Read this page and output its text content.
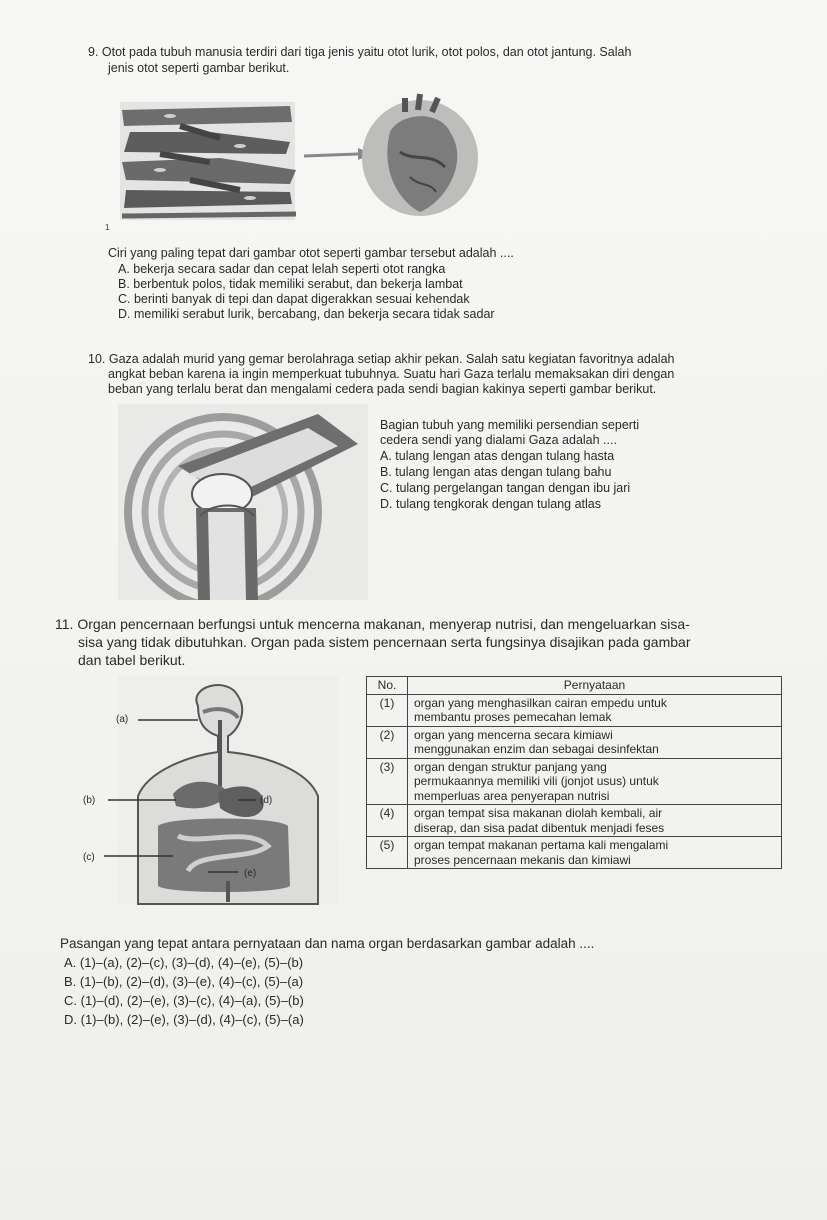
9. Otot pada tubuh manusia terdiri dari tiga jenis yaitu otot lurik, otot polos, dan otot jantung. Salah
jenis otot seperti gambar berikut.
1
Ciri yang paling tepat dari gambar otot seperti gambar tersebut adalah ....
A. bekerja secara sadar dan cepat lelah seperti otot rangka
B. berbentuk polos, tidak memiliki serabut, dan bekerja lambat
C. berinti banyak di tepi dan dapat digerakkan sesuai kehendak
D. memiliki serabut lurik, bercabang, dan bekerja secara tidak sadar
10. Gaza adalah murid yang gemar berolahraga setiap akhir pekan. Salah satu kegiatan favoritnya adalah
angkat beban karena ia ingin memperkuat tubuhnya. Suatu hari Gaza terlalu memaksakan diri dengan
beban yang terlalu berat dan mengalami cedera pada sendi bagian kakinya seperti gambar berikut.
Bagian tubuh yang memiliki persendian seperti
cedera sendi yang dialami Gaza adalah ....
A. tulang lengan atas dengan tulang hasta
B. tulang lengan atas dengan tulang bahu
C. tulang pergelangan tangan dengan ibu jari
D. tulang tengkorak dengan tulang atlas
11. Organ pencernaan berfungsi untuk mencerna makanan, menyerap nutrisi, dan mengeluarkan sisa-
sisa yang tidak dibutuhkan. Organ pada sistem pencernaan serta fungsinya disajikan pada gambar
dan tabel berikut.
(a)
(b)	(d)
(c)
(e)
No.	Pernyataan
(1)	organ yang menghasilkan cairan empedu untuk
membantu proses pemecahan lemak

(2)	organ yang mencerna secara kimiawi
menggunakan enzim dan sebagai desinfektan

(3)	organ dengan struktur panjang yang
permukaannya memiliki vili (jonjot usus) untuk
memperluas area penyerapan nutrisi

(4)	organ tempat sisa makanan diolah kembali, air
diserap, dan sisa padat dibentuk menjadi feses

(5)	organ tempat makanan pertama kali mengalami
proses pencernaan mekanis dan kimiawi
Pasangan yang tepat antara pernyataan dan nama organ berdasarkan gambar adalah ....
A. (1)–(a), (2)–(c), (3)–(d), (4)–(e), (5)–(b)
B. (1)–(b), (2)–(d), (3)–(e), (4)–(c), (5)–(a)
C. (1)–(d), (2)–(e), (3)–(c), (4)–(a), (5)–(b)
D. (1)–(b), (2)–(e), (3)–(d), (4)–(c), (5)–(a)
